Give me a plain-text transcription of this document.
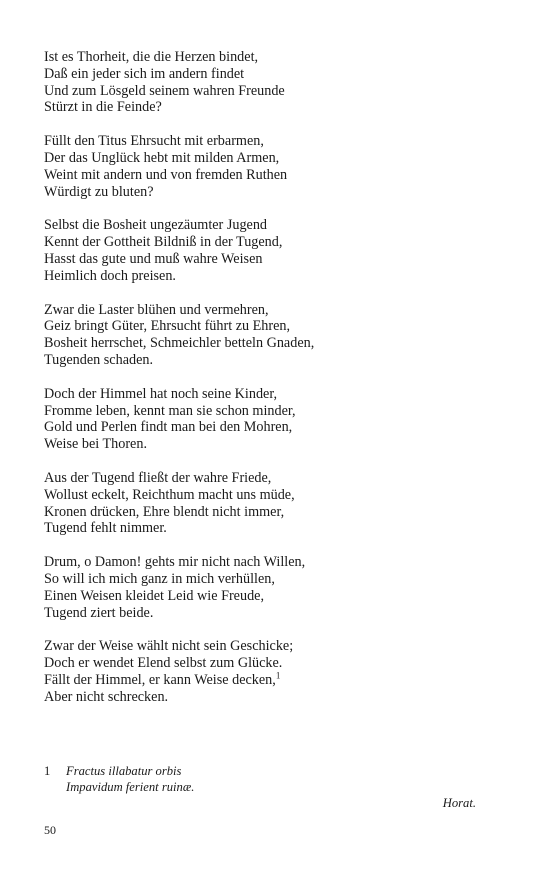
Ist es Thorheit, die die Herzen bindet,
Daß ein jeder sich im andern findet
Und zum Lösgeld seinem wahren Freunde
Stürzt in die Feinde?
Füllt den Titus Ehrsucht mit erbarmen,
Der das Unglück hebt mit milden Armen,
Weint mit andern und von fremden Ruthen
Würdigt zu bluten?
Selbst die Bosheit ungezäumter Jugend
Kennt der Gottheit Bildniß in der Tugend,
Hasst das gute und muß wahre Weisen
Heimlich doch preisen.
Zwar die Laster blühen und vermehren,
Geiz bringt Güter, Ehrsucht führt zu Ehren,
Bosheit herrschet, Schmeichler betteln Gnaden,
Tugenden schaden.
Doch der Himmel hat noch seine Kinder,
Fromme leben, kennt man sie schon minder,
Gold und Perlen findt man bei den Mohren,
Weise bei Thoren.
Aus der Tugend fließt der wahre Friede,
Wollust eckelt, Reichthum macht uns müde,
Kronen drücken, Ehre blendt nicht immer,
Tugend fehlt nimmer.
Drum, o Damon! gehts mir nicht nach Willen,
So will ich mich ganz in mich verhüllen,
Einen Weisen kleidet Leid wie Freude,
Tugend ziert beide.
Zwar der Weise wählt nicht sein Geschicke;
Doch er wendet Elend selbst zum Glücke.
Fällt der Himmel, er kann Weise decken,$^1$
Aber nicht schrecken.
1	Fractus illabatur orbis
Impavidum ferient ruinæ.
Horat.
50
